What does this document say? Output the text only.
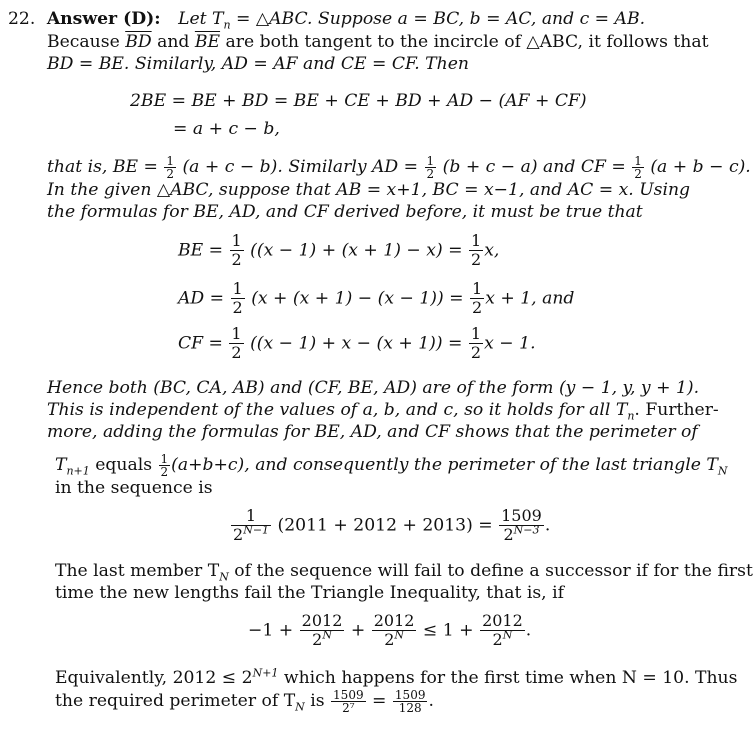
22. Answer (D): Let $T_n$ = △ABC. Suppose a = BC, b = AC, and c = AB.
Because $\overline{BD}$ and $\overline{BE}$ are both tangent to the incircle of △ABC, it follows that
BD = BE. Similarly, AD = AF and CE = CF. Then
2BE = BE + BD = BE + CE + BD + AD − (AF + CF)
= a + c − b,
that is, BE = $\frac{1}{2} (a + c - b)$. Similarly AD = $\frac{1}{2} (b + c - a)$ and CF = $\frac{1}{2} (a + b - c)$.
In the given △ABC, suppose that AB = x+1, BC = x−1, and AC = x. Using
the formulas for BE, AD, and CF derived before, it must be true that
BE = $\frac{1}{2} ((x - 1) + (x + 1) - x) = \frac{1}{2} x$,
AD = $\frac{1}{2} (x + (x + 1) - (x - 1)) = \frac{1}{2}$ x + 1, and
CF = $\frac{1}{2} ((x - 1) + x - (x + 1)) = \frac{1}{2}$ x − 1.
Hence both (BC, CA, AB) and (CF, BE, AD) are of the form (y − 1, y, y + 1).
This is independent of the values of a, b, and c, so it holds for all $T_n$. Further-
more, adding the formulas for BE, AD, and CF shows that the perimeter of
$T_{n+1}$ equals $\frac{1}{2} (a+b+c)$, and consequently the perimeter of the last triangle $T_N$
in the sequence is
$\frac{1}{2^{N-1}} (2011 + 2012 + 2013) = \frac{1509}{2^{N-3}}$ .
The last member $T_N$ of the sequence will fail to define a successor if for the first
time the new lengths fail the Triangle Inequality, that is, if
$-1 + \frac{2012}{2^N} + \frac{2012}{2^N} \le 1 + \frac{2012}{2^N}$ .
Equivalently, $2012 \le 2^{N+1}$ which happens for the first time when N = 10. Thus
the required perimeter of $T_N$ is $\frac{1509}{\text{2⁷}} = \frac{1509}{128}$ .
